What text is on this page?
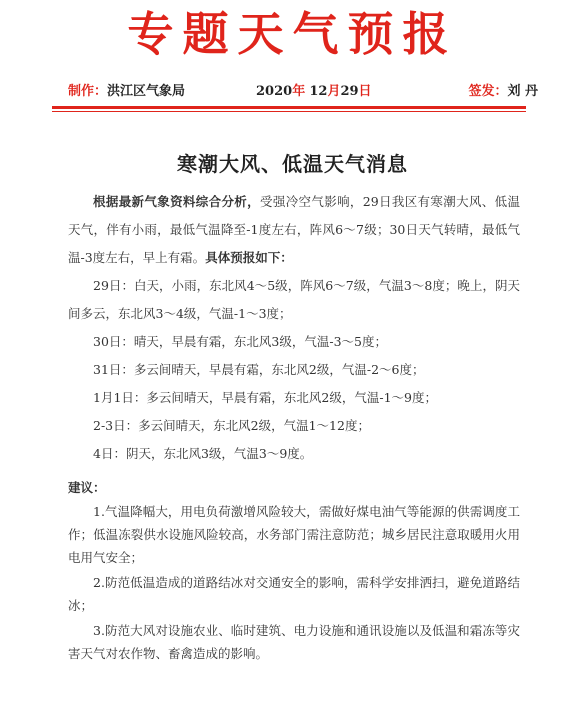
专题天气预报
制作：洪江区气象局	2020年 12月29日	签发：刘 丹
寒潮大风、低温天气消息

根据最新气象资料综合分析，受强冷空气影响，29日我区有寒潮大风、低温天气，伴有小雨，最低气温降至-1度左右，阵风6～7级；30日天气转晴，最低气温-3度左右，早上有霜。具体预报如下：

29日：白天，小雨，东北风4～5级，阵风6～7级，气温3～8度；晚上，阴天间多云，东北风3～4级，气温-1～3度；

30日：晴天，早晨有霜，东北风3级，气温-3～5度；

31日：多云间晴天，早晨有霜，东北风2级，气温-2～6度；

1月1日：多云间晴天，早晨有霜，东北风2级，气温-1～9度；

2-3日：多云间晴天，东北风2级，气温1～12度；

4日：阴天，东北风3级，气温3～9度。

建议：

1.气温降幅大，用电负荷激增风险较大，需做好煤电油气等能源的供需调度工作；低温冻裂供水设施风险较高，水务部门需注意防范；城乡居民注意取暖用火用电用气安全；

2.防范低温造成的道路结冰对交通安全的影响，需科学安排洒扫，避免道路结冰；

3.防范大风对设施农业、临时建筑、电力设施和通讯设施以及低温和霜冻等灾害天气对农作物、畜禽造成的影响。
